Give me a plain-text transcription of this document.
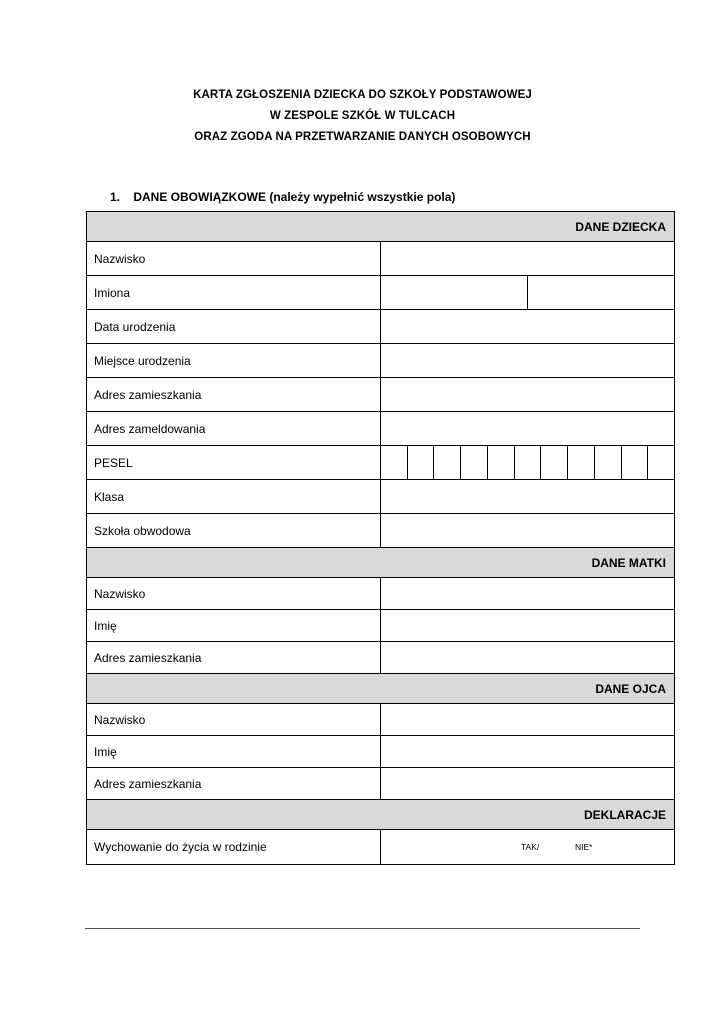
KARTA ZGŁOSZENIA DZIECKA DO SZKOŁY PODSTAWOWEJ
W ZESPOLE SZKÓŁ W TULCACH
ORAZ ZGODA NA PRZETWARZANIE DANYCH OSOBOWYCH
1. DANE OBOWIĄZKOWE (należy wypełnić wszystkie pola)
DANE DZIECKA	
Nazwisko	
Imiona	

Data urodzenia	
Miejsce urodzenia	
Adres zamieszkania	
Adres zameldowania	
PESEL	

Klasa	
Szkoła obwodowa	
DANE MATKI	
Nazwisko	
Imię	
Adres zamieszkania	
DANE OJCA	
Nazwisko	
Imię	
Adres zamieszkania	
DEKLARACJE	
Wychowanie do życia w rodzinie	TAK/ NIE*
